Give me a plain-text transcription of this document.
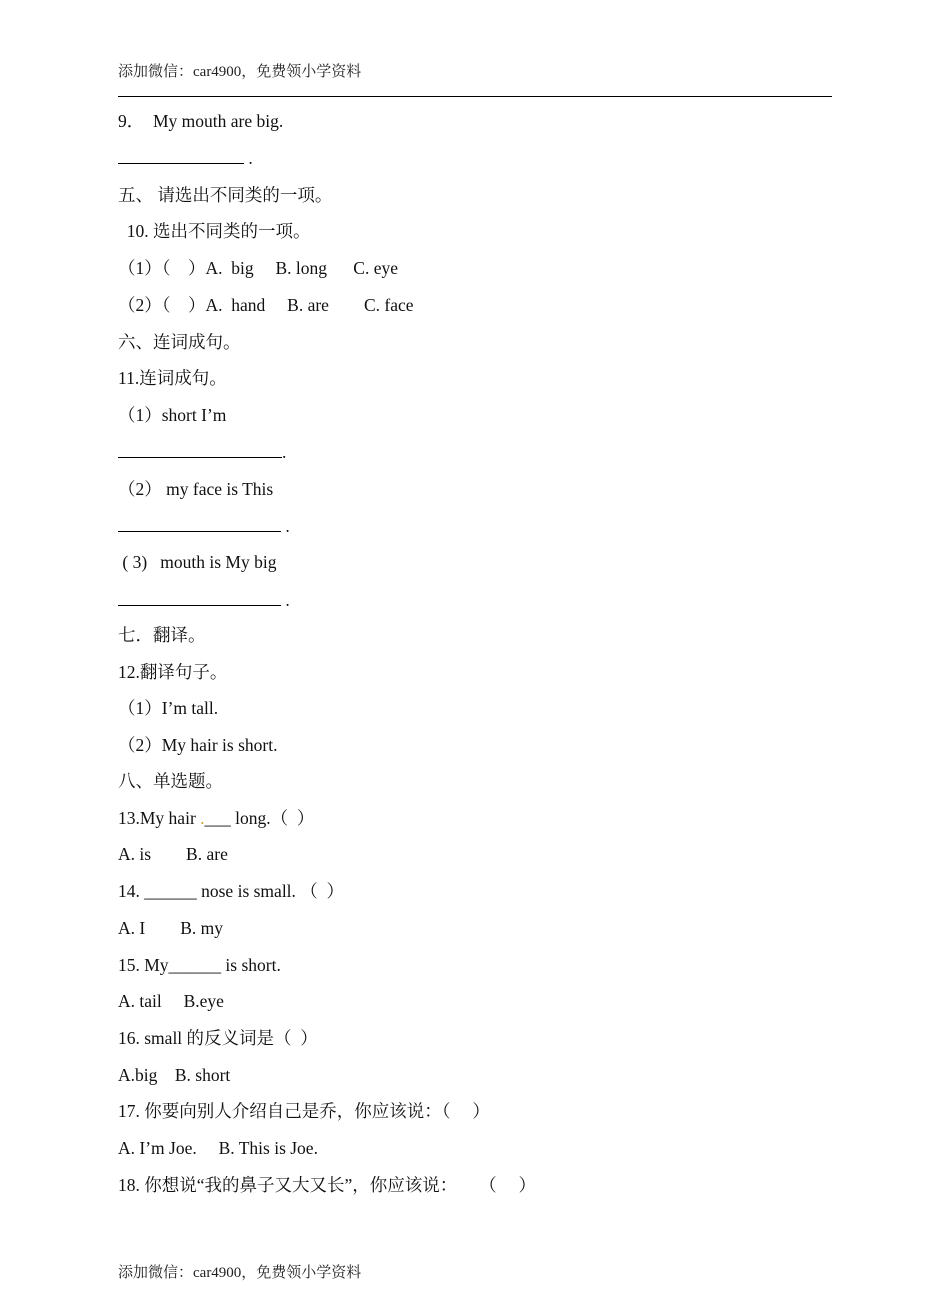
添加微信：car4900，免费领小学资料
9．  My mouth are big.
.
五、 请选出不同类的一项。
10. 选出不同类的一项。
（1）（    ）A.  big     B. long      C. eye
（2）（    ）A.  hand     B. are        C. face
六、连词成句。
11.连词成句。
（1）short I’m
.
（2） my face is This
.
( 3)   mouth is My big
.
七．翻译。
12.翻译句子。
（1）I’m tall.
（2）My hair is short.
八、单选题。
13.My hair .___ long.（  ）
A. is        B. are
14. ______ nose is small. （  ）
A. I        B. my
15. My______ is short.
A. tail     B.eye
16. small 的反义词是（  ）
A.big    B. short
17. 你要向别人介绍自己是乔，你应该说：（     ）
A. I’m Joe.     B. This is Joe.
18. 你想说“我的鼻子又大又长”，你应该说：     （     ）
添加微信：car4900，免费领小学资料
